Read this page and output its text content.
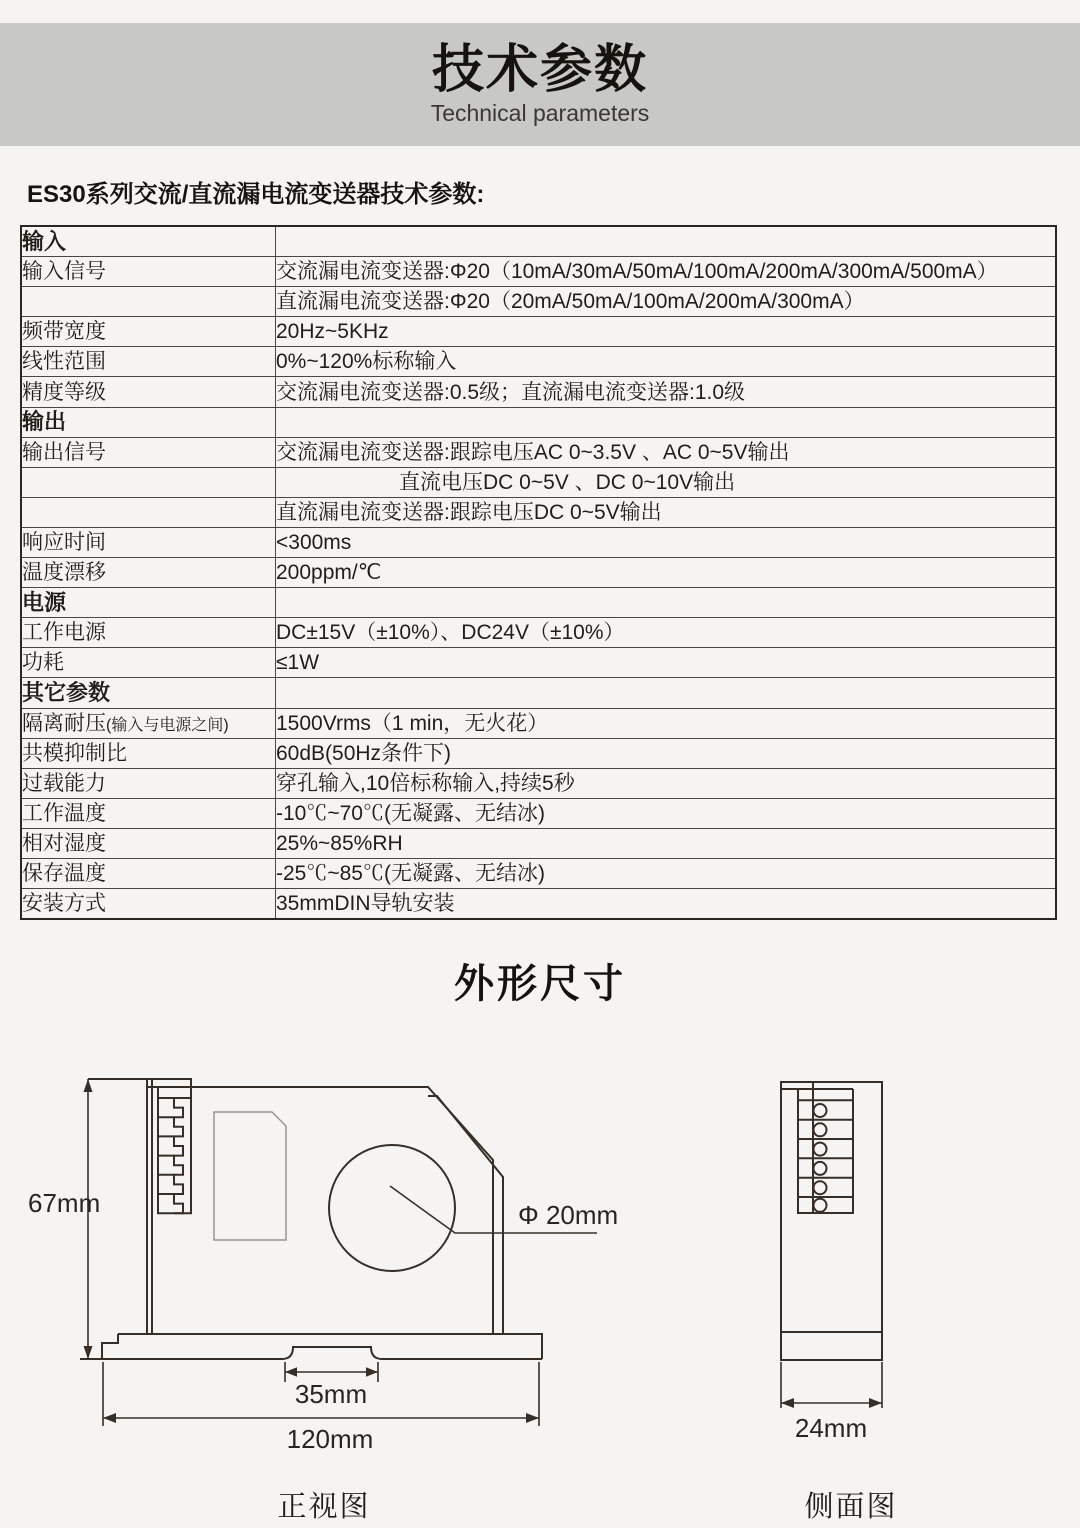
技术参数
Technical parameters
ES30系列交流/直流漏电流变送器技术参数:
输入	
输入信号	交流漏电流变送器:Φ20（10mA/30mA/50mA/100mA/200mA/300mA/500mA）
	直流漏电流变送器:Φ20（20mA/50mA/100mA/200mA/300mA）
频带宽度	20Hz~5KHz
线性范围	0%~120%标称输入
精度等级	交流漏电流变送器:0.5级；直流漏电流变送器:1.0级
输出	
输出信号	交流漏电流变送器:跟踪电压AC 0~3.5V 、AC 0~5V输出
	直流电压DC 0~5V 、DC 0~10V输出
	直流漏电流变送器:跟踪电压DC 0~5V输出
响应时间	<300ms
温度漂移	200ppm/℃
电源	
工作电源	DC±15V（±10%）、DC24V（±10%）
功耗	≤1W
其它参数	
隔离耐压(输入与电源之间)	1500Vrms（1 min，无火花）
共模抑制比	60dB(50Hz条件下)
过载能力	穿孔输入,10倍标称输入,持续5秒
工作温度	-10℃~70℃(无凝露、无结冰)
相对湿度	25%~85%RH
保存温度	-25℃~85℃(无凝露、无结冰)
安装方式	35mmDIN导轨安装
外形尺寸
67mm	Φ 20mm
35mm
120mm
正视图
24mm
侧面图
